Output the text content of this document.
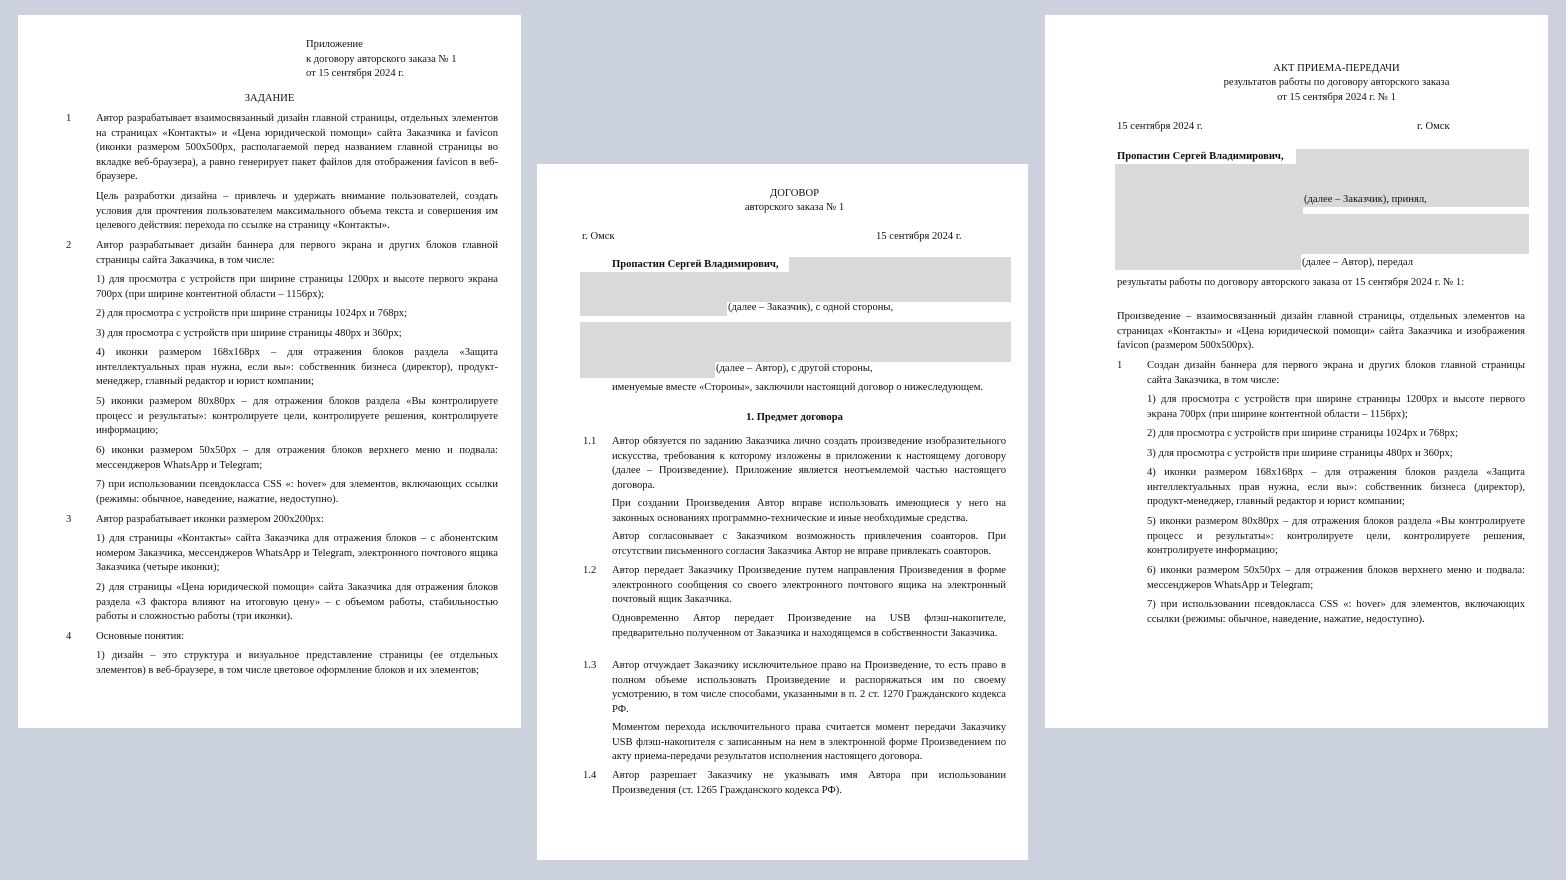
Приложение
к договору авторского заказа № 1
от 15 сентября 2024 г.
ЗАДАНИЕ
1 Автор разрабатывает взаимосвязанный дизайн главной страницы, отдельных элементов на страницах «Контакты» и «Цена юридической помощи» сайта Заказчика и favicon (иконки размером 500x500px, располагаемой перед названием главной страницы во вкладке веб-браузера), а равно генерирует пакет файлов для отображения favicon в веб-браузере.
Цель разработки дизайна – привлечь и удержать внимание пользователей, создать условия для прочтения пользователем максимального объема текста и совершения им целевого действия: перехода по ссылке на страницу «Контакты».
2 Автор разрабатывает дизайн баннера для первого экрана и других блоков главной страницы сайта Заказчика, в том числе:
1) для просмотра с устройств при ширине страницы 1200px и высоте первого экрана 700px (при ширине контентной области – 1156px);
2) для просмотра с устройств при ширине страницы 1024px и 768px;
3) для просмотра с устройств при ширине страницы 480px и 360px;
4) иконки размером 168x168px – для отражения блоков раздела «Защита интеллектуальных прав нужна, если вы»: собственник бизнеса (директор), продукт-менеджер, главный редактор и юрист компании;
5) иконки размером 80x80px – для отражения блоков раздела «Вы контролируете процесс и результаты»: контролируете цели, контролируете решения, контролируете информацию;
6) иконки размером 50x50px – для отражения блоков верхнего меню и подвала: мессенджеров WhatsApp и Telegram;
7) при использовании псевдокласса CSS «: hover» для элементов, включающих ссылки (режимы: обычное, наведение, нажатие, недоступно).
3 Автор разрабатывает иконки размером 200x200px:
1) для страницы «Контакты» сайта Заказчика для отражения блоков – с абонентским номером Заказчика, мессенджеров WhatsApp и Telegram, электронного почтового ящика Заказчика (четыре иконки);
2) для страницы «Цена юридической помощи» сайта Заказчика для отражения блоков раздела «3 фактора влияют на итоговую цену» – с объемом работы, стабильностью работы и сложностью работы (три иконки).
4 Основные понятия:
1) дизайн – это структура и визуальное представление страницы (ее отдельных элементов) в веб-браузере, в том числе цветовое оформление блоков и их элементов;
ДОГОВОР
авторского заказа № 1
г. Омск	15 сентября 2024 г.
Пропастин Сергей Владимирович,
(далее – Заказчик), с одной стороны,
(далее – Автор), с другой стороны,
именуемые вместе «Стороны», заключили настоящий договор о нижеследующем.
1. Предмет договора
1.1 Автор обязуется по заданию Заказчика лично создать произведение изобразительного искусства, требования к которому изложены в приложении к настоящему договору (далее – Произведение). Приложение является неотъемлемой частью настоящего договора.
При создании Произведения Автор вправе использовать имеющиеся у него на законных основаниях программно-технические и иные необходимые средства.
Автор согласовывает с Заказчиком возможность привлечения соавторов. При отсутствии письменного согласия Заказчика Автор не вправе привлекать соавторов.
1.2 Автор передает Заказчику Произведение путем направления Произведения в форме электронного сообщения со своего электронного почтового ящика на электронный почтовый ящик Заказчика.
Одновременно Автор передает Произведение на USB флэш-накопителе, предварительно полученном от Заказчика и находящемся в собственности Заказчика.
1.3 Автор отчуждает Заказчику исключительное право на Произведение, то есть право в полном объеме использовать Произведение и распоряжаться им по своему усмотрению, в том числе способами, указанными в п. 2 ст. 1270 Гражданского кодекса РФ.
Моментом перехода исключительного права считается момент передачи Заказчику USB флэш-накопителя с записанным на нем в электронной форме Произведением по акту приема-передачи результатов исполнения настоящего договора.
1.4 Автор разрешает Заказчику не указывать имя Автора при использовании Произведения (ст. 1265 Гражданского кодекса РФ).
АКТ ПРИЕМА-ПЕРЕДАЧИ
результатов работы по договору авторского заказа
от 15 сентября 2024 г. № 1
15 сентября 2024 г.	г. Омск
Пропастин Сергей Владимирович,
(далее – Заказчик), принял,
(далее – Автор), передал
результаты работы по договору авторского заказа от 15 сентября 2024 г. № 1:
Произведение – взаимосвязанный дизайн главной страницы, отдельных элементов на страницах «Контакты» и «Цена юридической помощи» сайта Заказчика и изображения favicon (размером 500x500px).
1 Создан дизайн баннера для первого экрана и других блоков главной страницы сайта Заказчика, в том числе:
1) для просмотра с устройств при ширине страницы 1200px и высоте первого экрана 700px (при ширине контентной области – 1156px);
2) для просмотра с устройств при ширине страницы 1024px и 768px;
3) для просмотра с устройств при ширине страницы 480px и 360px;
4) иконки размером 168x168px – для отражения блоков раздела «Защита интеллектуальных прав нужна, если вы»: собственник бизнеса (директор), продукт-менеджер, главный редактор и юрист компании;
5) иконки размером 80x80px – для отражения блоков раздела «Вы контролируете процесс и результаты»: контролируете цели, контролируете решения, контролируете информацию;
6) иконки размером 50x50px – для отражения блоков верхнего меню и подвала: мессенджеров WhatsApp и Telegram;
7) при использовании псевдокласса CSS «: hover» для элементов, включающих ссылки (режимы: обычное, наведение, нажатие, недоступно).
